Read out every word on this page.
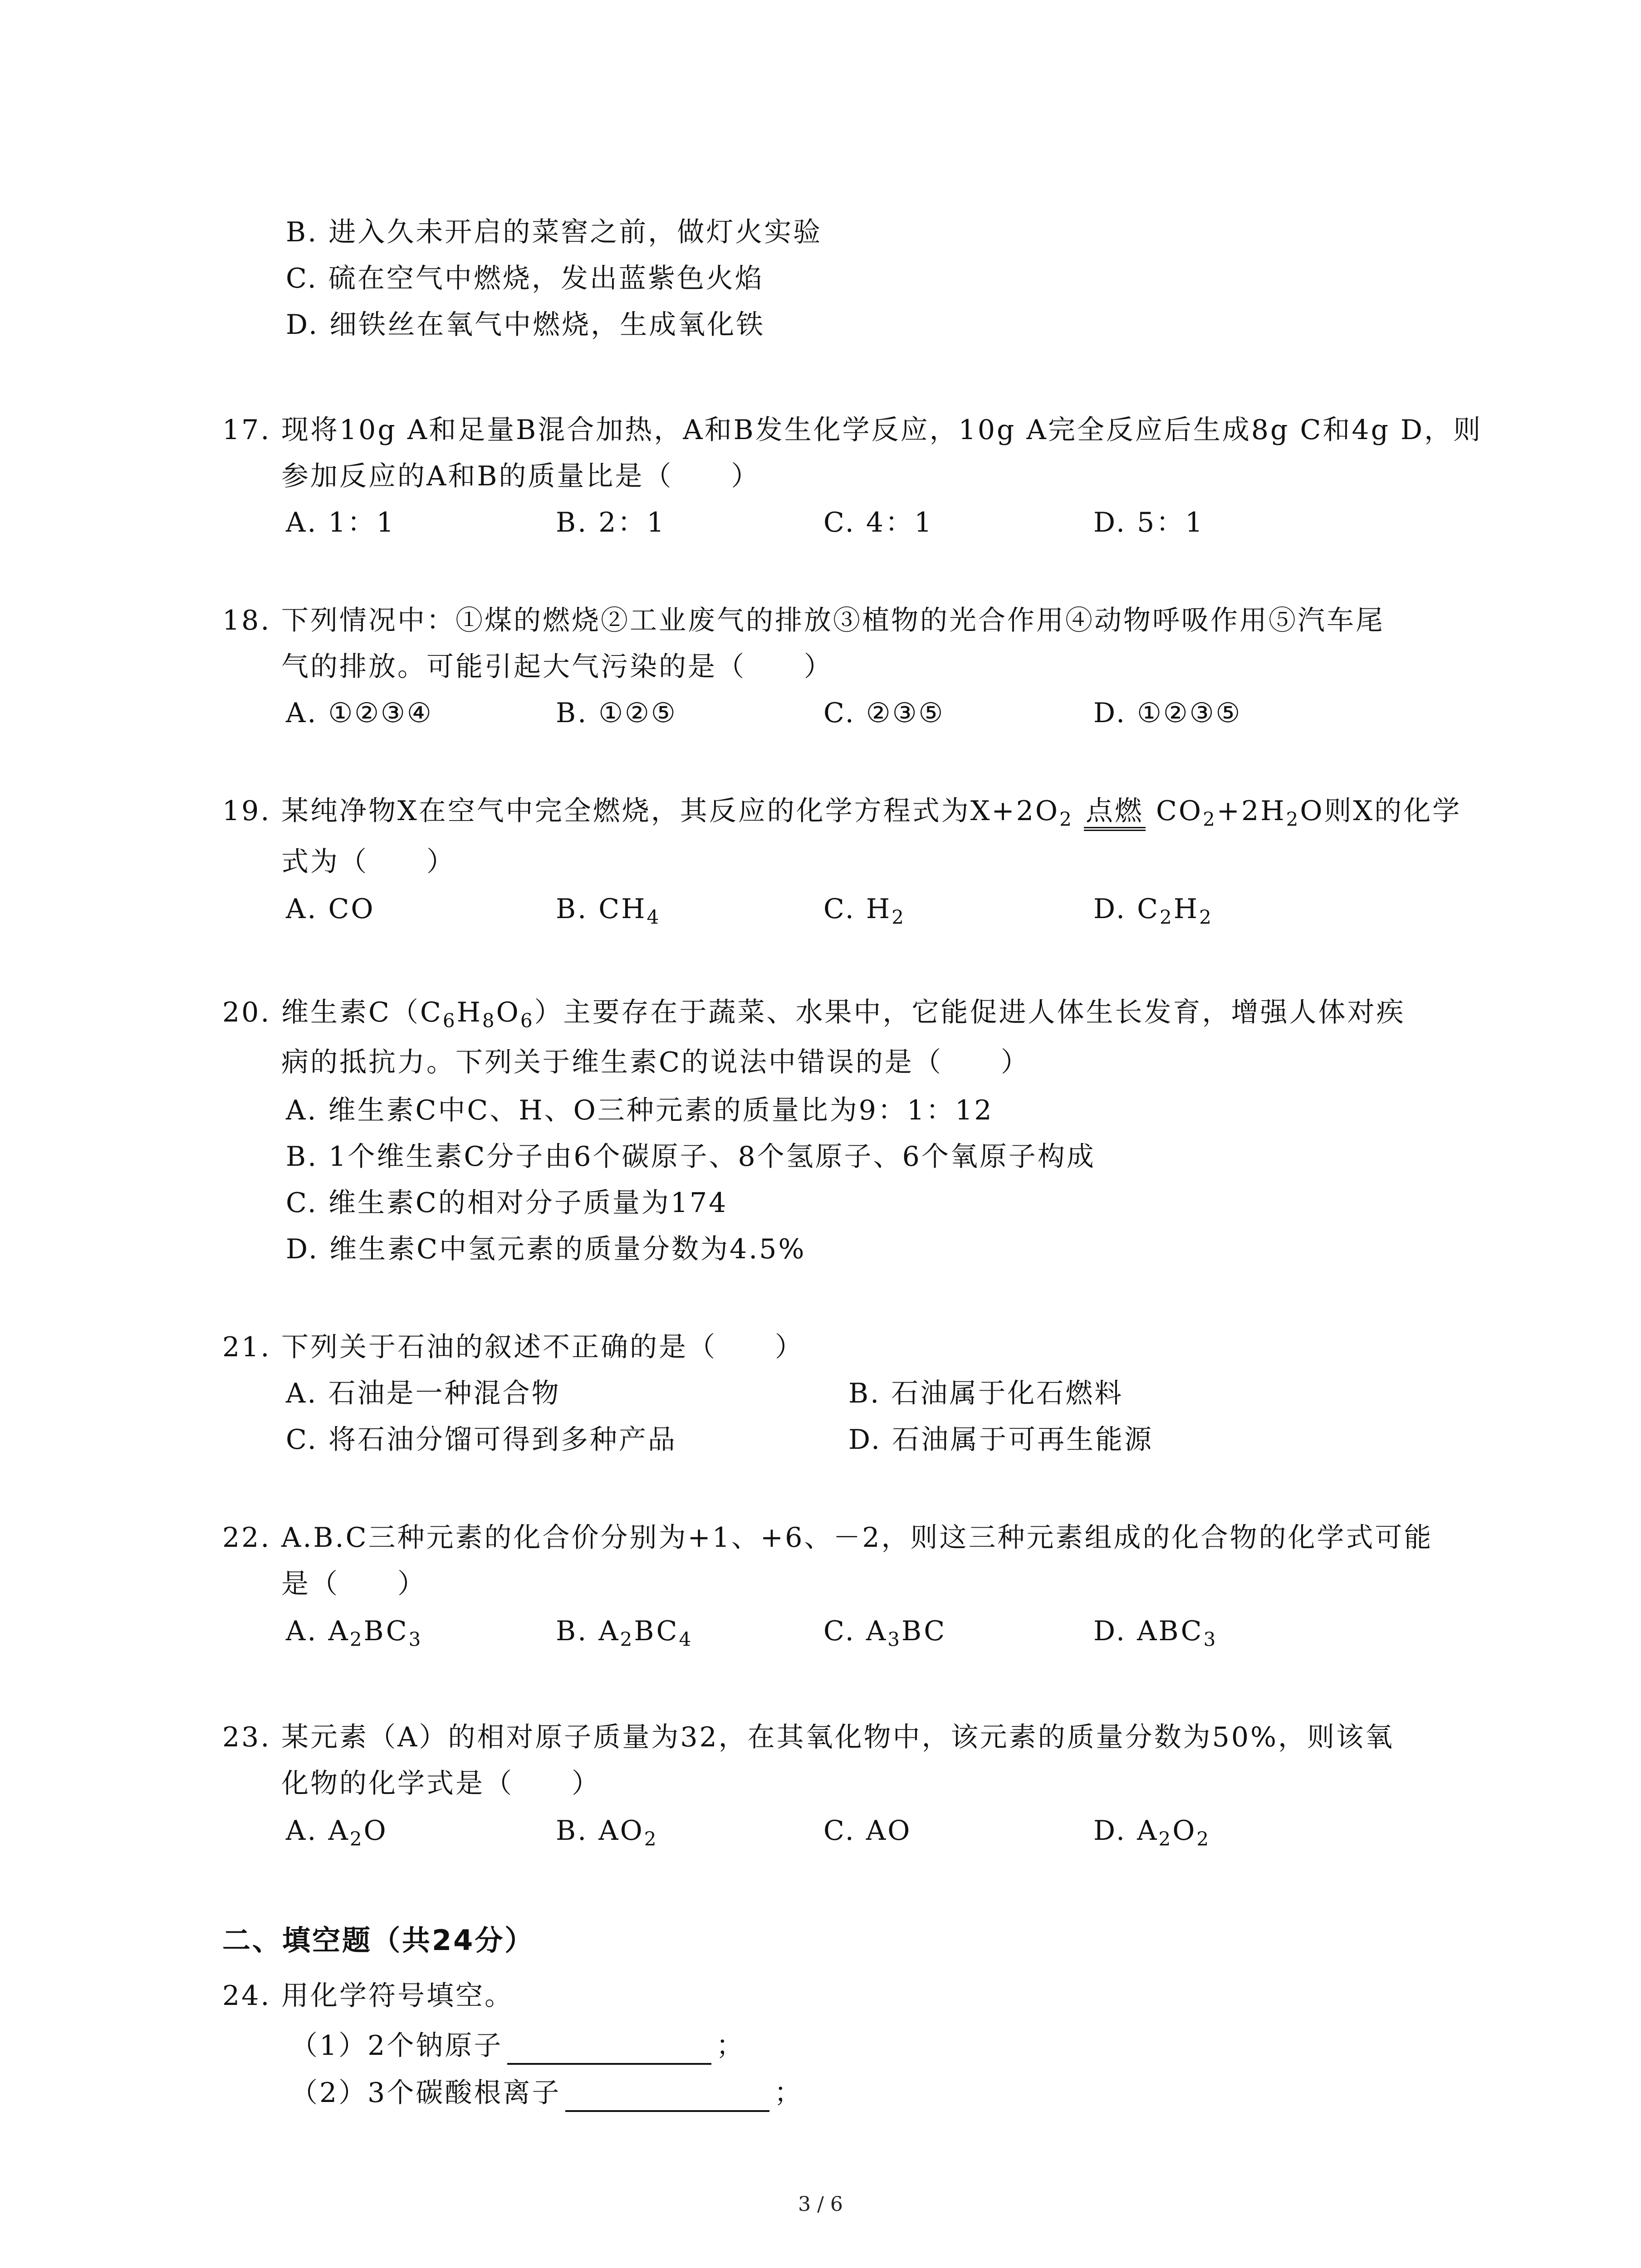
B. 进入久未开启的菜窖之前，做灯火实验
C. 硫在空气中燃烧，发出蓝紫色火焰
D. 细铁丝在氧气中燃烧，生成氧化铁
17. 现将10g A和足量B混合加热，A和B发生化学反应，10g A完全反应后生成8g C和4g D，则
参加反应的A和B的质量比是（　　）
A. 1：1	B. 2：1	C. 4：1	D. 5：1
18. 下列情况中：①煤的燃烧②工业废气的排放③植物的光合作用④动物呼吸作用⑤汽车尾
气的排放。可能引起大气污染的是（　　）
A. ①②③④	B. ①②⑤	C. ②③⑤	D. ①②③⑤
19. 某纯净物X在空气中完全燃烧，其反应的化学方程式为$X+2O_2$ 点燃 $CO_2+2H_2O$则X的化学
式为（　　）
A. CO	B. $CH_4$	C. $H_2$	D. $C_2H_2$
20. 维生素$C(C_6H_8O_6)$主要存在于蔬菜、水果中，它能促进人体生长发育，增强人体对疾
病的抵抗力。下列关于维生素C的说法中错误的是（　　）
A. 维生素C中C、H、O三种元素的质量比为9：1：12
B. 1个维生素C分子由6个碳原子、8个氢原子、6个氧原子构成
C. 维生素C的相对分子质量为174
D. 维生素C中氢元素的质量分数为4.5%
21. 下列关于石油的叙述不正确的是（　　）
A. 石油是一种混合物	B. 石油属于化石燃料
C. 将石油分馏可得到多种产品	D. 石油属于可再生能源
22. A.B.C三种元素的化合价分别为+1、+6、－2，则这三种元素组成的化合物的化学式可能
是（　　）
A. $A_2BC_3$	B. $A_2BC_4$	C. $A_3BC$	D. $ABC_3$
23. 某元素（A）的相对原子质量为32，在其氧化物中，该元素的质量分数为50%，则该氧
化物的化学式是（　　）
A. $A_2O$	B. $AO_2$	C. AO	D. $A_2O_2$
二、填空题（共24分）
24. 用化学符号填空。
（1）2个钠原子	；
（2）3个碳酸根离子	；
3 / 6
